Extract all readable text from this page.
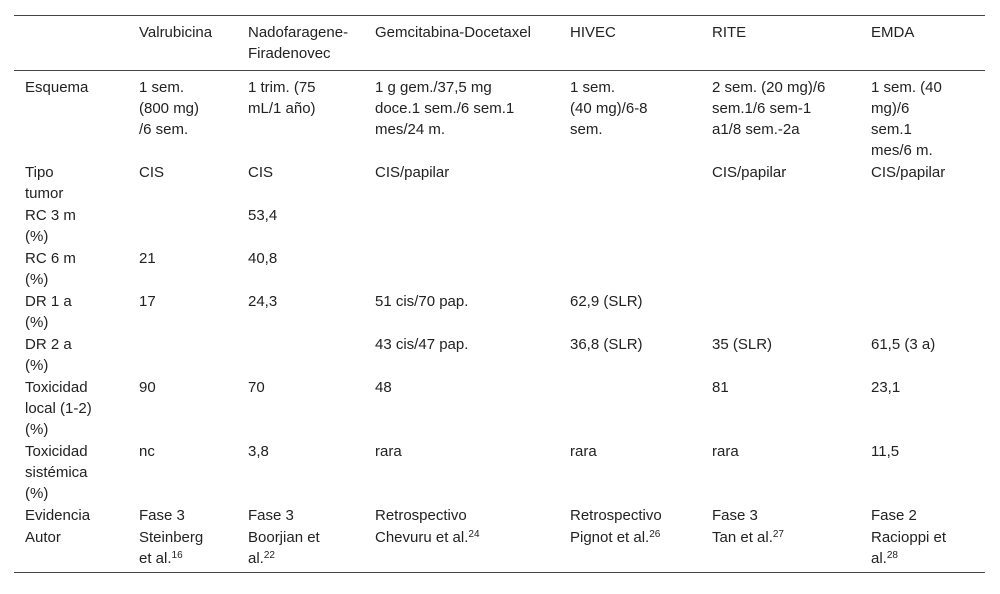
	Valrubicina	Nadofaragene-
Firadenovec	Gemcitabina-Docetaxel	HIVEC	RITE	EMDA
Esquema	1 sem.
(800 mg)
/6 sem.	1 trim. (75
mL/1 año)	1 g gem./37,5 mg
doce.1 sem./6 sem.1
mes/24 m.	1 sem.
(40 mg)/6-8
sem.	2 sem. (20 mg)/6
sem.1/6 sem-1
a1/8 sem.-2a	1 sem. (40
mg)/6
sem.1
mes/6 m.
Tipo
tumor	CIS	CIS	CIS/papilar		CIS/papilar	CIS/papilar
RC 3 m
(%)		53,4				
RC 6 m
(%)	21	40,8				
DR 1 a
(%)	17	24,3	51 cis/70 pap.	62,9 (SLR)		
DR 2 a
(%)			43 cis/47 pap.	36,8 (SLR)	35 (SLR)	61,5 (3 a)
Toxicidad
local (1-2)
(%)	90	70	48		81	23,1
Toxicidad
sistémica
(%)	nc	3,8	rara	rara	rara	11,5
Evidencia	Fase 3	Fase 3	Retrospectivo	Retrospectivo	Fase 3	Fase 2
Autor	Steinberg
et al.$^{16}$	Boorjian et
al.$^{22}$	Chevuru et al.$^{24}$	Pignot et al.$^{26}$	Tan et al.$^{27}$	Racioppi et
al.$^{28}$
